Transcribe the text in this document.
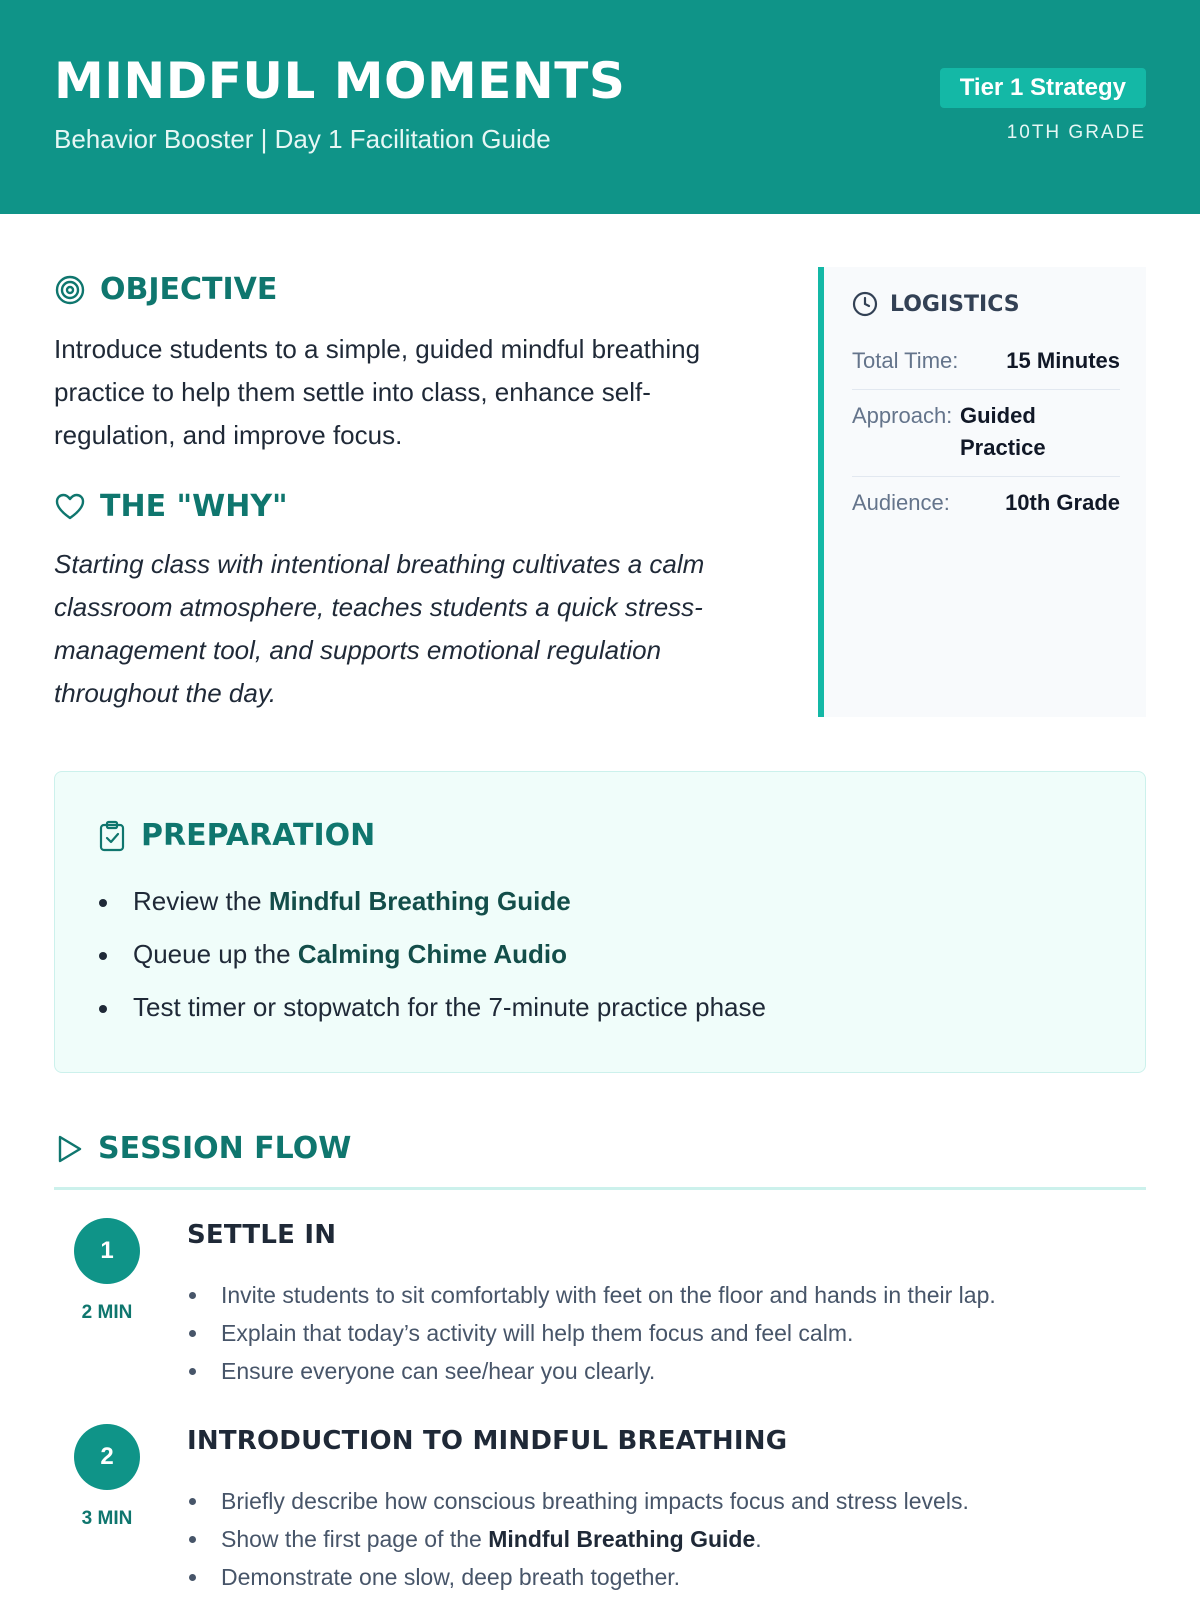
MINDFUL MOMENTS
Behavior Booster | Day 1 Facilitation Guide
Tier 1 Strategy
10TH GRADE
OBJECTIVE
Introduce students to a simple, guided mindful breathing practice to help them settle into class, enhance self-regulation, and improve focus.
THE "WHY"
Starting class with intentional breathing cultivates a calm classroom atmosphere, teaches students a quick stress-management tool, and supports emotional regulation throughout the day.
LOGISTICS
Total Time: 15 Minutes
Approach: Guided Practice
Audience:	10th Grade
PREPARATION
Review the Mindful Breathing Guide
Queue up the Calming Chime Audio
Test timer or stopwatch for the 7-minute practice phase
SESSION FLOW
1
2 MIN
SETTLE IN
Invite students to sit comfortably with feet on the floor and hands in their lap.
Explain that today’s activity will help them focus and feel calm.
Ensure everyone can see/hear you clearly.
2
3 MIN
INTRODUCTION TO MINDFUL BREATHING
Briefly describe how conscious breathing impacts focus and stress levels.
Show the first page of the Mindful Breathing Guide.
Demonstrate one slow, deep breath together.
